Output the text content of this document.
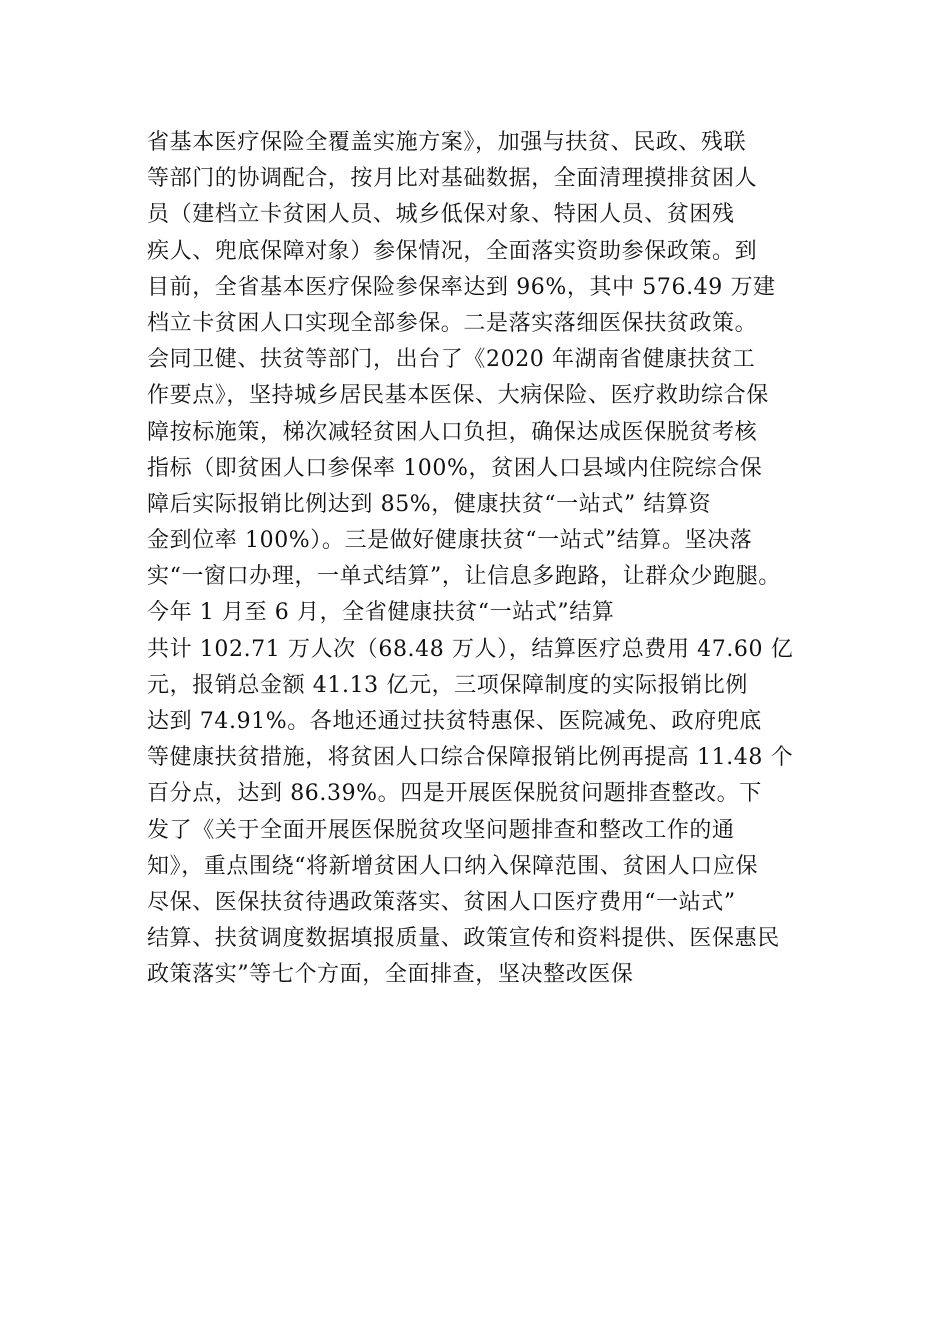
省基本医疗保险全覆盖实施方案》，加强与扶贫、民政、残联
等部门的协调配合，按月比对基础数据，全面清理摸排贫困人
员（建档立卡贫困人员、城乡低保对象、特困人员、贫困残
疾人、兜底保障对象）参保情况，全面落实资助参保政策。到
目前，全省基本医疗保险参保率达到 96%，其中 576.49 万建
档立卡贫困人口实现全部参保。二是落实落细医保扶贫政策。
会同卫健、扶贫等部门，出台了《2020 年湖南省健康扶贫工
作要点》，坚持城乡居民基本医保、大病保险、医疗救助综合保
障按标施策，梯次减轻贫困人口负担，确保达成医保脱贫考核
指标（即贫困人口参保率 100%，贫困人口县域内住院综合保
障后实际报销比例达到 85%，健康扶贫“一站式” 结算资
金到位率 100%）。三是做好健康扶贫“一站式”结算。坚决落
实“一窗口办理，一单式结算”，让信息多跑路，让群众少跑腿。
今年 1 月至 6 月，全省健康扶贫“一站式”结算
共计 102.71 万人次（68.48 万人），结算医疗总费用 47.60 亿
元，报销总金额 41.13 亿元，三项保障制度的实际报销比例
达到 74.91%。各地还通过扶贫特惠保、医院减免、政府兜底
等健康扶贫措施，将贫困人口综合保障报销比例再提高 11.48 个
百分点，达到 86.39%。四是开展医保脱贫问题排查整改。下
发了《关于全面开展医保脱贫攻坚问题排查和整改工作的通
知》，重点围绕“将新增贫困人口纳入保障范围、贫困人口应保
尽保、医保扶贫待遇政策落实、贫困人口医疗费用“一站式”
结算、扶贫调度数据填报质量、政策宣传和资料提供、医保惠民
政策落实”等七个方面，全面排查，坚决整改医保
